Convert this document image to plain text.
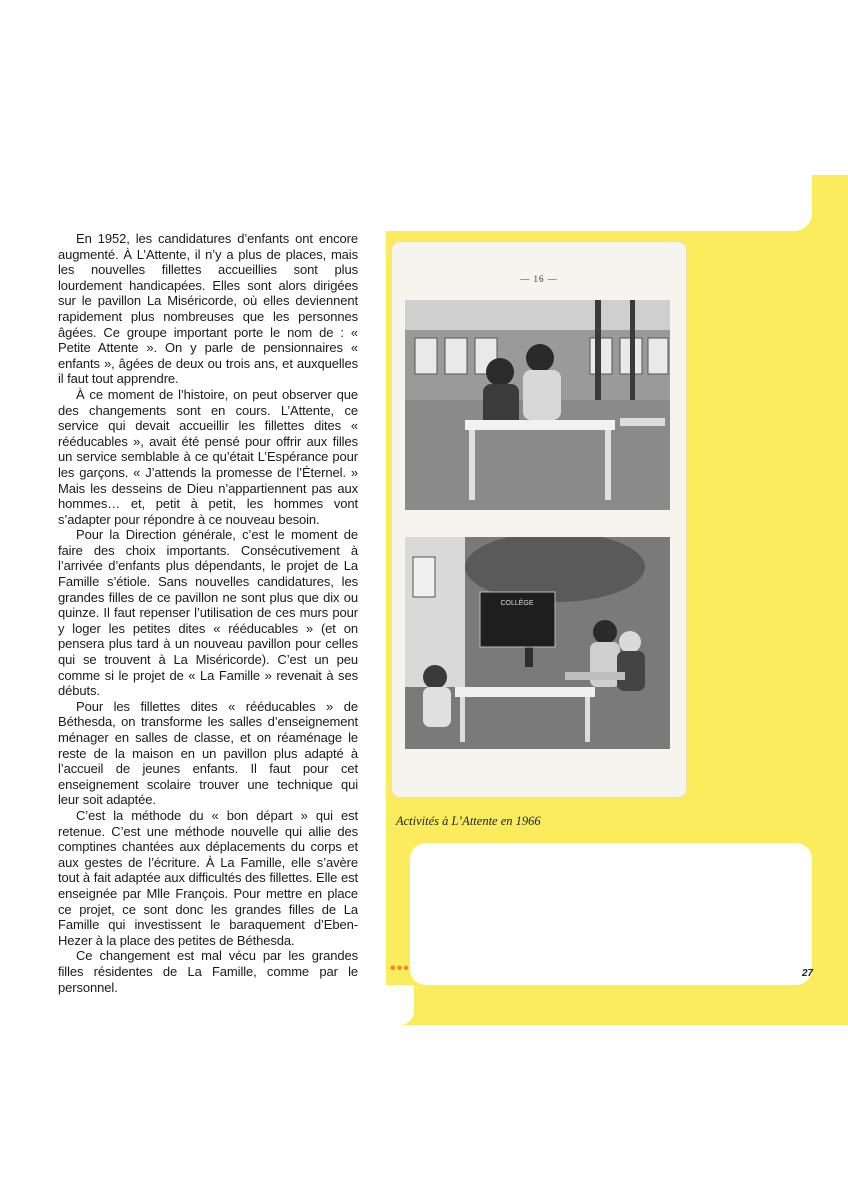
En 1952, les candidatures d’enfants ont encore augmenté. À L’Attente, il n’y a plus de places, mais les nouvelles fillettes accueillies sont plus lourdement handicapées. Elles sont alors dirigées sur le pavillon La Miséricorde, où elles deviennent rapidement plus nombreuses que les personnes âgées. Ce groupe important porte le nom de : « Petite Attente ». On y parle de pensionnaires « enfants », âgées de deux ou trois ans, et auxquelles il faut tout apprendre.

À ce moment de l’histoire, on peut observer que des changements sont en cours. L’Attente, ce service qui devait accueillir les fillettes dites « rééducables », avait été pensé pour offrir aux filles un service semblable à ce qu’était L’Espérance pour les garçons. « J’attends la promesse de l’Éternel. » Mais les desseins de Dieu n’appartiennent pas aux hommes… et, petit à petit, les hommes vont s’adapter pour répondre à ce nouveau besoin.

Pour la Direction générale, c’est le moment de faire des choix importants. Consécutivement à l’arrivée d’enfants plus dépendants, le projet de La Famille s’étiole. Sans nouvelles candidatures, les grandes filles de ce pavillon ne sont plus que dix ou quinze. Il faut repenser l’utilisation de ces murs pour y loger les petites dites « rééducables » (et on pensera plus tard à un nouveau pavillon pour celles qui se trouvent à La Miséricorde). C’est un peu comme si le projet de « La Famille » revenait à ses débuts.

Pour les fillettes dites « rééducables » de Béthesda, on transforme les salles d’enseignement ménager en salles de classe, et on réaménage le reste de la maison en un pavillon plus adapté à l’accueil de jeunes enfants. Il faut pour cet enseignement scolaire trouver une technique qui leur soit adaptée.

C’est la méthode du « bon départ » qui est retenue. C’est une méthode nouvelle qui allie des comptines chantées aux déplacements du corps et aux gestes de l’écriture. À La Famille, elle s’avère tout à fait adaptée aux difficultés des fillettes. Elle est enseignée par Mlle François. Pour mettre en place ce projet, ce sont donc les grandes filles de La Famille qui investissent le baraquement d’Eben-Hezer à la place des petites de Béthesda.

Ce changement est mal vécu par les grandes filles résidentes de La Famille, comme par le personnel.

— 16 —
COLLÈGE
Activités à L’Attente en 1966
•••	27
